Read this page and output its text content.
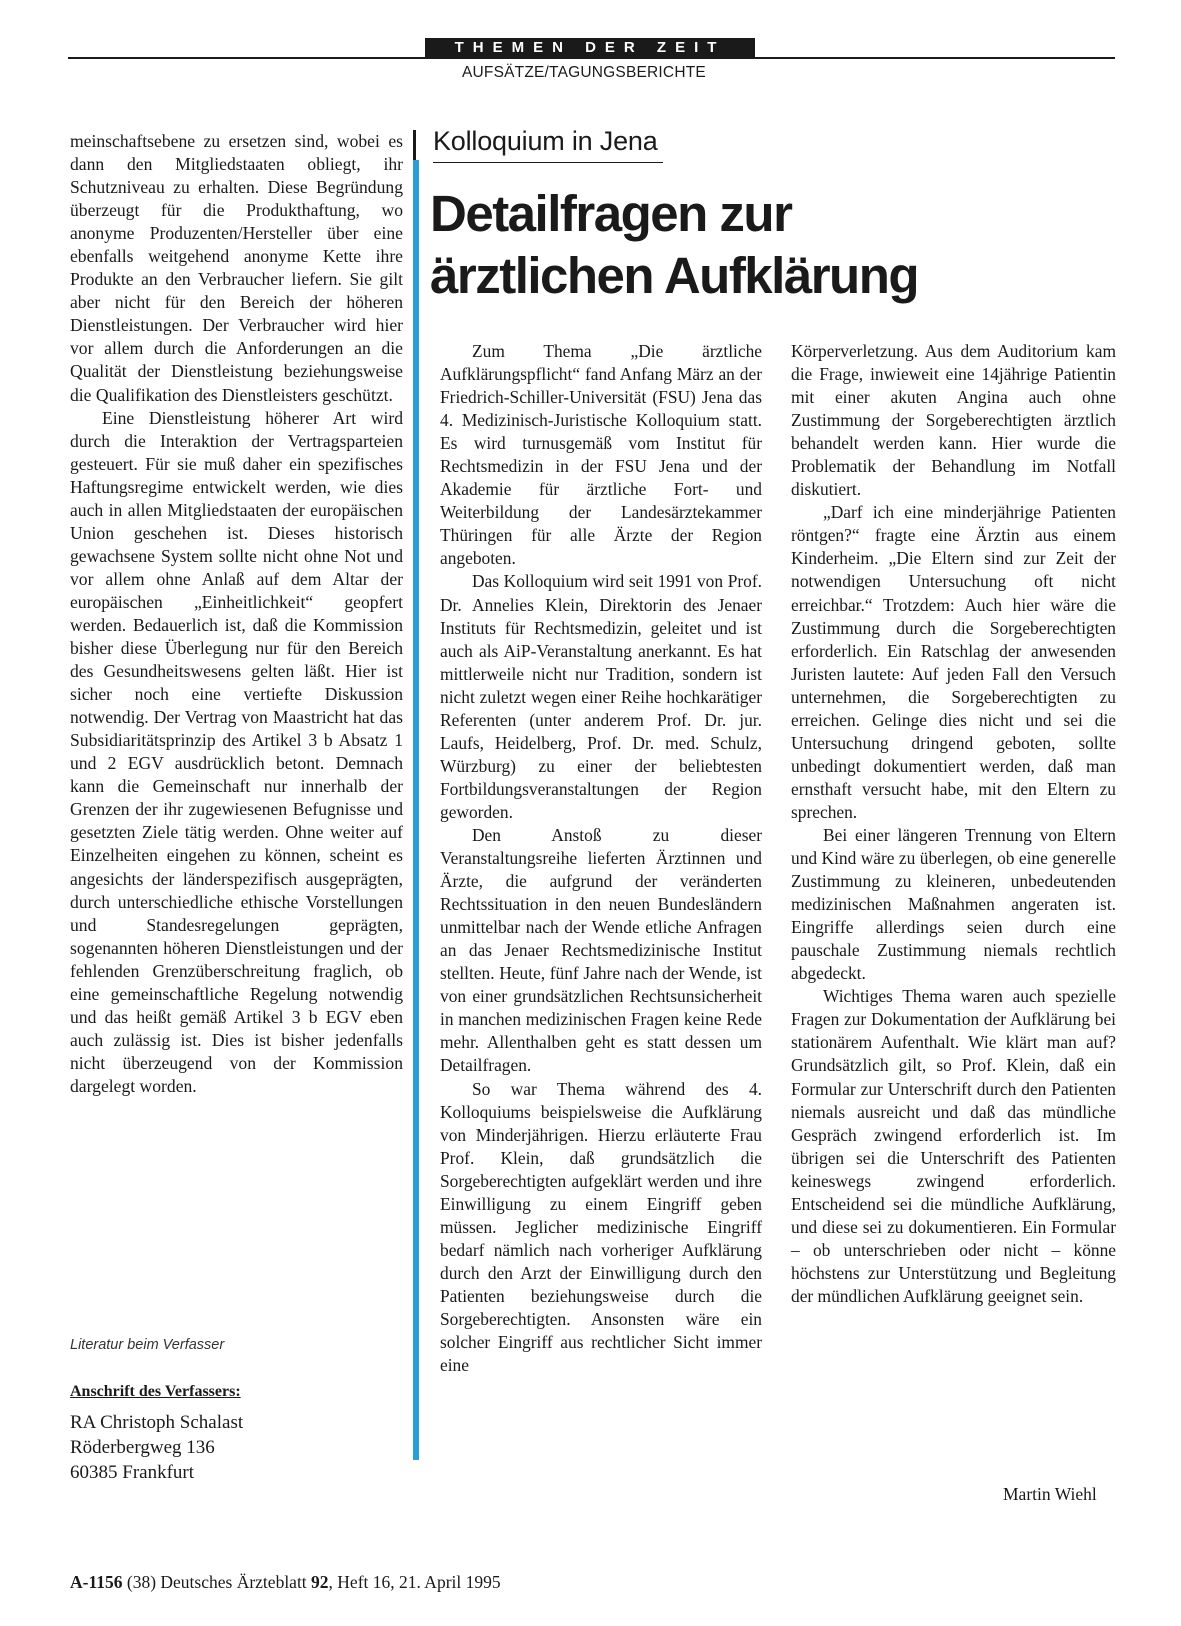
THEMEN DER ZEIT
AUFSÄTZE/TAGUNGSBERICHTE

meinschaftsebene zu ersetzen sind, wobei es dann den Mitgliedstaaten obliegt, ihr Schutzniveau zu erhalten. Diese Begründung überzeugt für die Produkthaftung, wo anonyme Produzenten/Hersteller über eine ebenfalls weitgehend anonyme Kette ihre Produkte an den Verbraucher liefern. Sie gilt aber nicht für den Bereich der höheren Dienstleistungen. Der Verbraucher wird hier vor allem durch die Anforderungen an die Qualität der Dienstleistung beziehungsweise die Qualifikation des Dienstleisters geschützt.

Eine Dienstleistung höherer Art wird durch die Interaktion der Vertragsparteien gesteuert. Für sie muß daher ein spezifisches Haftungsregime entwickelt werden, wie dies auch in allen Mitgliedstaaten der europäischen Union geschehen ist. Dieses historisch gewachsene System sollte nicht ohne Not und vor allem ohne Anlaß auf dem Altar der europäischen „Einheitlichkeit“ geopfert werden. Bedauerlich ist, daß die Kommission bisher diese Überlegung nur für den Bereich des Gesundheitswesens gelten läßt. Hier ist sicher noch eine vertiefte Diskussion notwendig. Der Vertrag von Maastricht hat das Subsidiaritätsprinzip des Artikel 3 b Absatz 1 und 2 EGV ausdrücklich betont. Demnach kann die Gemeinschaft nur innerhalb der Grenzen der ihr zugewiesenen Befugnisse und gesetzten Ziele tätig werden. Ohne weiter auf Einzelheiten eingehen zu können, scheint es angesichts der länderspezifisch ausgeprägten, durch unterschiedliche ethische Vorstellungen und Standesregelungen geprägten, sogenannten höheren Dienstleistungen und der fehlenden Grenzüberschreitung fraglich, ob eine gemeinschaftliche Regelung notwendig und das heißt gemäß Artikel 3 b EGV eben auch zulässig ist. Dies ist bisher jedenfalls nicht überzeugend von der Kommission dargelegt worden.

Literatur beim Verfasser
Anschrift des Verfassers:
RA Christoph Schalast
Röderbergweg 136
60385 Frankfurt
Kolloquium in Jena
Detailfragen zur
ärztlichen Aufklärung

Zum Thema „Die ärztliche Aufklärungspflicht“ fand Anfang März an der Friedrich-Schiller-Universität (FSU) Jena das 4. Medizinisch-Juristische Kolloquium statt. Es wird turnusgemäß vom Institut für Rechtsmedizin in der FSU Jena und der Akademie für ärztliche Fort- und Weiterbildung der Landesärztekammer Thüringen für alle Ärzte der Region angeboten.

Das Kolloquium wird seit 1991 von Prof. Dr. Annelies Klein, Direktorin des Jenaer Instituts für Rechtsmedizin, geleitet und ist auch als AiP-Veranstaltung anerkannt. Es hat mittlerweile nicht nur Tradition, sondern ist nicht zuletzt wegen einer Reihe hochkarätiger Referenten (unter anderem Prof. Dr. jur. Laufs, Heidelberg, Prof. Dr. med. Schulz, Würzburg) zu einer der beliebtesten Fortbildungsveranstaltungen der Region geworden.

Den Anstoß zu dieser Veranstaltungsreihe lieferten Ärztinnen und Ärzte, die aufgrund der veränderten Rechtssituation in den neuen Bundesländern unmittelbar nach der Wende etliche Anfragen an das Jenaer Rechtsmedizinische Institut stellten. Heute, fünf Jahre nach der Wende, ist von einer grundsätzlichen Rechtsunsicherheit in manchen medizinischen Fragen keine Rede mehr. Allenthalben geht es statt dessen um Detailfragen.

So war Thema während des 4. Kolloquiums beispielsweise die Aufklärung von Minderjährigen. Hierzu erläuterte Frau Prof. Klein, daß grundsätzlich die Sorgeberechtigten aufgeklärt werden und ihre Einwilligung zu einem Eingriff geben müssen. Jeglicher medizinische Eingriff bedarf nämlich nach vorheriger Aufklärung durch den Arzt der Einwilligung durch den Patienten beziehungsweise durch die Sorgeberechtigten. Ansonsten wäre ein solcher Eingriff aus rechtlicher Sicht immer eine

Körperverletzung. Aus dem Auditorium kam die Frage, inwieweit eine 14jährige Patientin mit einer akuten Angina auch ohne Zustimmung der Sorgeberechtigten ärztlich behandelt werden kann. Hier wurde die Problematik der Behandlung im Notfall diskutiert.

„Darf ich eine minderjährige Patienten röntgen?“ fragte eine Ärztin aus einem Kinderheim. „Die Eltern sind zur Zeit der notwendigen Untersuchung oft nicht erreichbar.“ Trotzdem: Auch hier wäre die Zustimmung durch die Sorgeberechtigten erforderlich. Ein Ratschlag der anwesenden Juristen lautete: Auf jeden Fall den Versuch unternehmen, die Sorgeberechtigten zu erreichen. Gelinge dies nicht und sei die Untersuchung dringend geboten, sollte unbedingt dokumentiert werden, daß man ernsthaft versucht habe, mit den Eltern zu sprechen.

Bei einer längeren Trennung von Eltern und Kind wäre zu überlegen, ob eine generelle Zustimmung zu kleineren, unbedeutenden medizinischen Maßnahmen angeraten ist. Eingriffe allerdings seien durch eine pauschale Zustimmung niemals rechtlich abgedeckt.

Wichtiges Thema waren auch spezielle Fragen zur Dokumentation der Aufklärung bei stationärem Aufenthalt. Wie klärt man auf? Grundsätzlich gilt, so Prof. Klein, daß ein Formular zur Unterschrift durch den Patienten niemals ausreicht und daß das mündliche Gespräch zwingend erforderlich ist. Im übrigen sei die Unterschrift des Patienten keineswegs zwingend erforderlich. Entscheidend sei die mündliche Aufklärung, und diese sei zu dokumentieren. Ein Formular – ob unterschrieben oder nicht – könne höchstens zur Unterstützung und Begleitung der mündlichen Aufklärung geeignet sein.

Martin Wiehl
A-1156 (38) Deutsches Ärzteblatt 92, Heft 16, 21. April 1995
